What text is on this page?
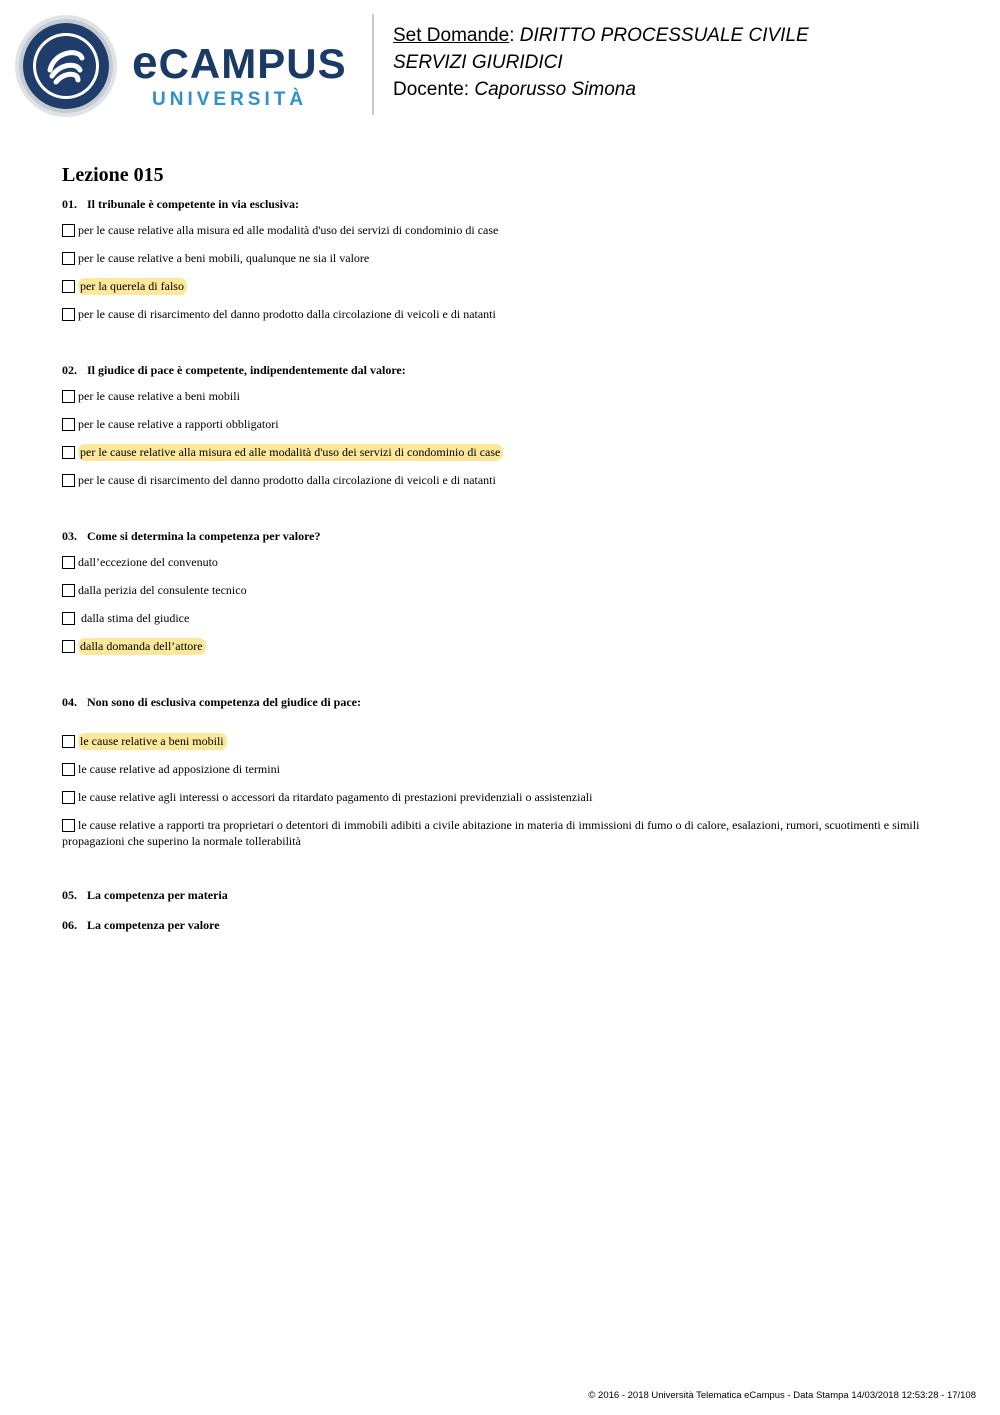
eCAMPUS
UNIVERSITÀ
Set Domande: DIRITTO PROCESSUALE CIVILE
SERVIZI GIURIDICI
Docente: Caporusso Simona
Lezione 015
01. Il tribunale è competente in via esclusiva:
per le cause relative alla misura ed alle modalità d'uso dei servizi di condominio di case
per le cause relative a beni mobili, qualunque ne sia il valore
per la querela di falso
per le cause di risarcimento del danno prodotto dalla circolazione di veicoli e di natanti
02. Il giudice di pace è competente, indipendentemente dal valore:
per le cause relative a beni mobili
per le cause relative a rapporti obbligatori
per le cause relative alla misura ed alle modalità d'uso dei servizi di condominio di case
per le cause di risarcimento del danno prodotto dalla circolazione di veicoli e di natanti
03. Come si determina la competenza per valore?
dall’eccezione del convenuto
dalla perizia del consulente tecnico
dalla stima del giudice
dalla domanda dell’attore
04. Non sono di esclusiva competenza del giudice di pace:
le cause relative a beni mobili
le cause relative ad apposizione di termini
le cause relative agli interessi o accessori da ritardato pagamento di prestazioni previdenziali o assistenziali
le cause relative a rapporti tra proprietari o detentori di immobili adibiti a civile abitazione in materia di immissioni di fumo o di calore, esalazioni, rumori, scuotimenti e simili propagazioni che superino la normale tollerabilità
05. La competenza per materia
06. La competenza per valore
© 2016 - 2018 Università Telematica eCampus - Data Stampa 14/03/2018 12:53:28 - 17/108
